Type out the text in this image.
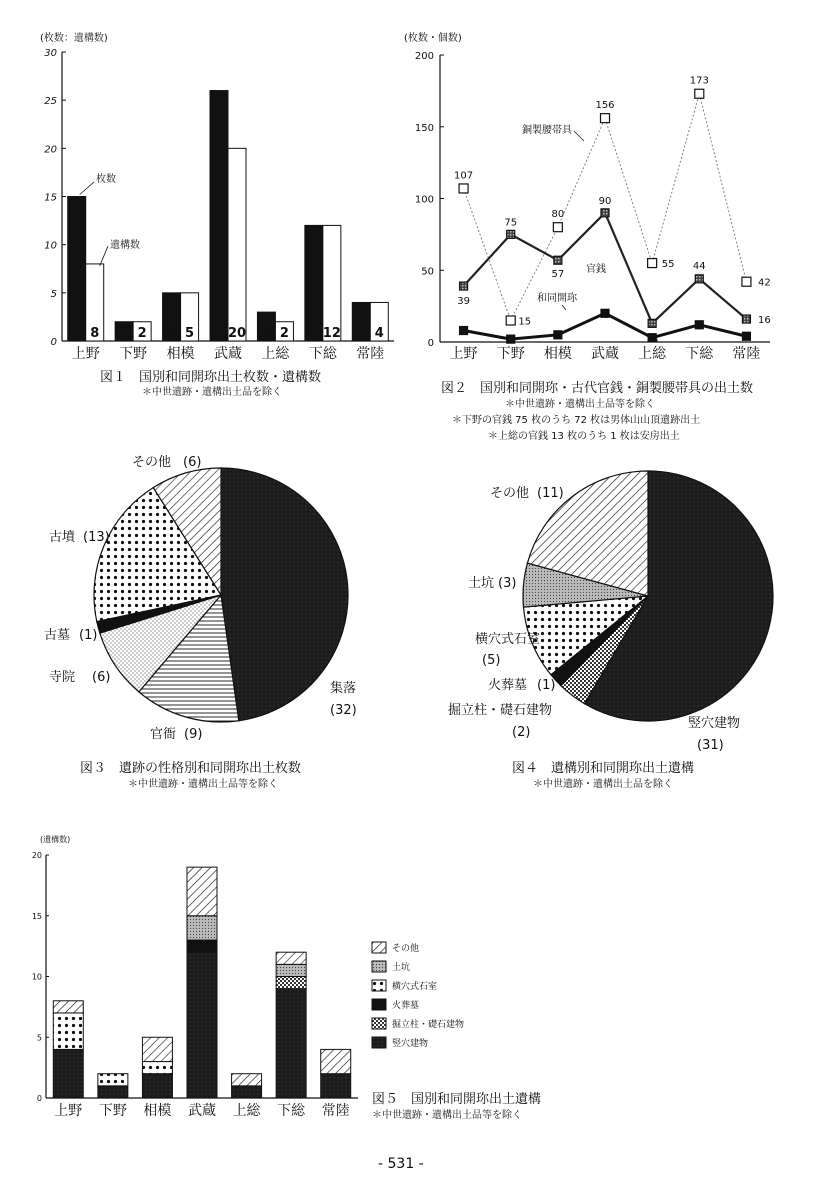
(枚数：遺構数)
0
5
10
15
20
25
30
15 8
上野
2 2
下野
5 5
相模
26 20
武蔵
3 2
上総
12 12
下総
4 4
常陸
枚数
遺構数
(枚数・個数)
0
50
100
150
200
上野 下野 相模 武蔵 上総 下総 常陸
107
15
80
156
55
173
42
39
75
57
90
13
44
16
銅製腰帯具
官銭
和同開珎
集落
(32)
官衙 (9)
寺院 (6)
古墓 (1)
古墳 (13)
その他 (6)
竪穴建物
(31)
掘立柱・礎石建物
(2)
火葬墓 (1)
横穴式石室
(5)
土坑 (3)
その他 (11)
(遺構数)
0
5
10
15
20
上野 下野 相模 武蔵 上総 下総 常陸
その他
土坑
横穴式石室
火葬墓
掘立柱・礎石建物
竪穴建物
図１　国別和同開珎出土枚数・遺構数
＊中世遺跡・遺構出土品を除く	図２　国別和同開珎・古代官銭・銅製腰帯具の出土数
＊中世遺跡・遺構出土品等を除く
＊下野の官銭 75 枚のうち 72 枚は男体山山頂遺跡出土
＊上総の官銭 13 枚のうち 1 枚は安房出土
図３　遺跡の性格別和同開珎出土枚数
＊中世遺跡・遺構出土品等を除く
図４　遺構別和同開珎出土遺構
＊中世遺跡・遺構出土品を除く
図５　国別和同開珎出土遺構
＊中世遺跡・遺構出土品等を除く
- 531 -
